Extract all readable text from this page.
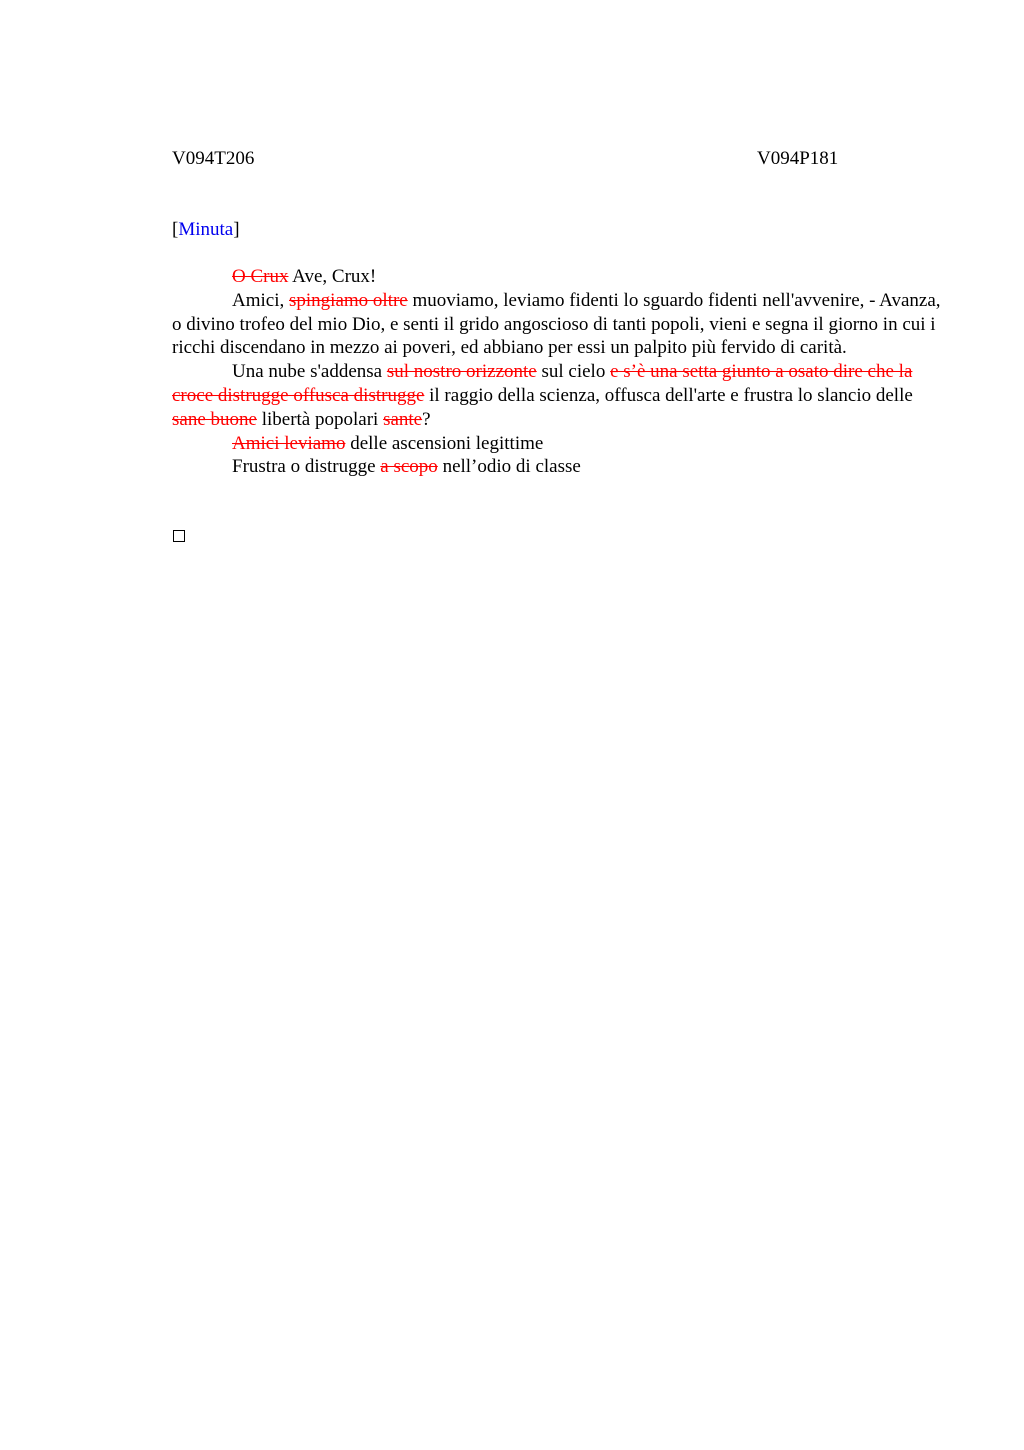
V094T206	V094P181
[Minuta]

O Crux Ave, Crux!

Amici, spingiamo oltre muoviamo, leviamo fidenti lo sguardo fidenti nell'avvenire, - Avanza, o divino trofeo del mio Dio, e senti il grido angoscioso di tanti popoli, vieni e segna il giorno in cui i ricchi discendano in mezzo ai poveri, ed abbiano per essi un palpito più fervido di carità.

Una nube s'addensa sul nostro orizzonte sul cielo e s’è una setta giunto a osato dire che la croce distrugge offusca distrugge il raggio della scienza, offusca dell'arte e frustra lo slancio delle sane buone libertà popolari sante?

Amici leviamo delle ascensioni legittime

Frustra o distrugge a scopo nell’odio di classe
